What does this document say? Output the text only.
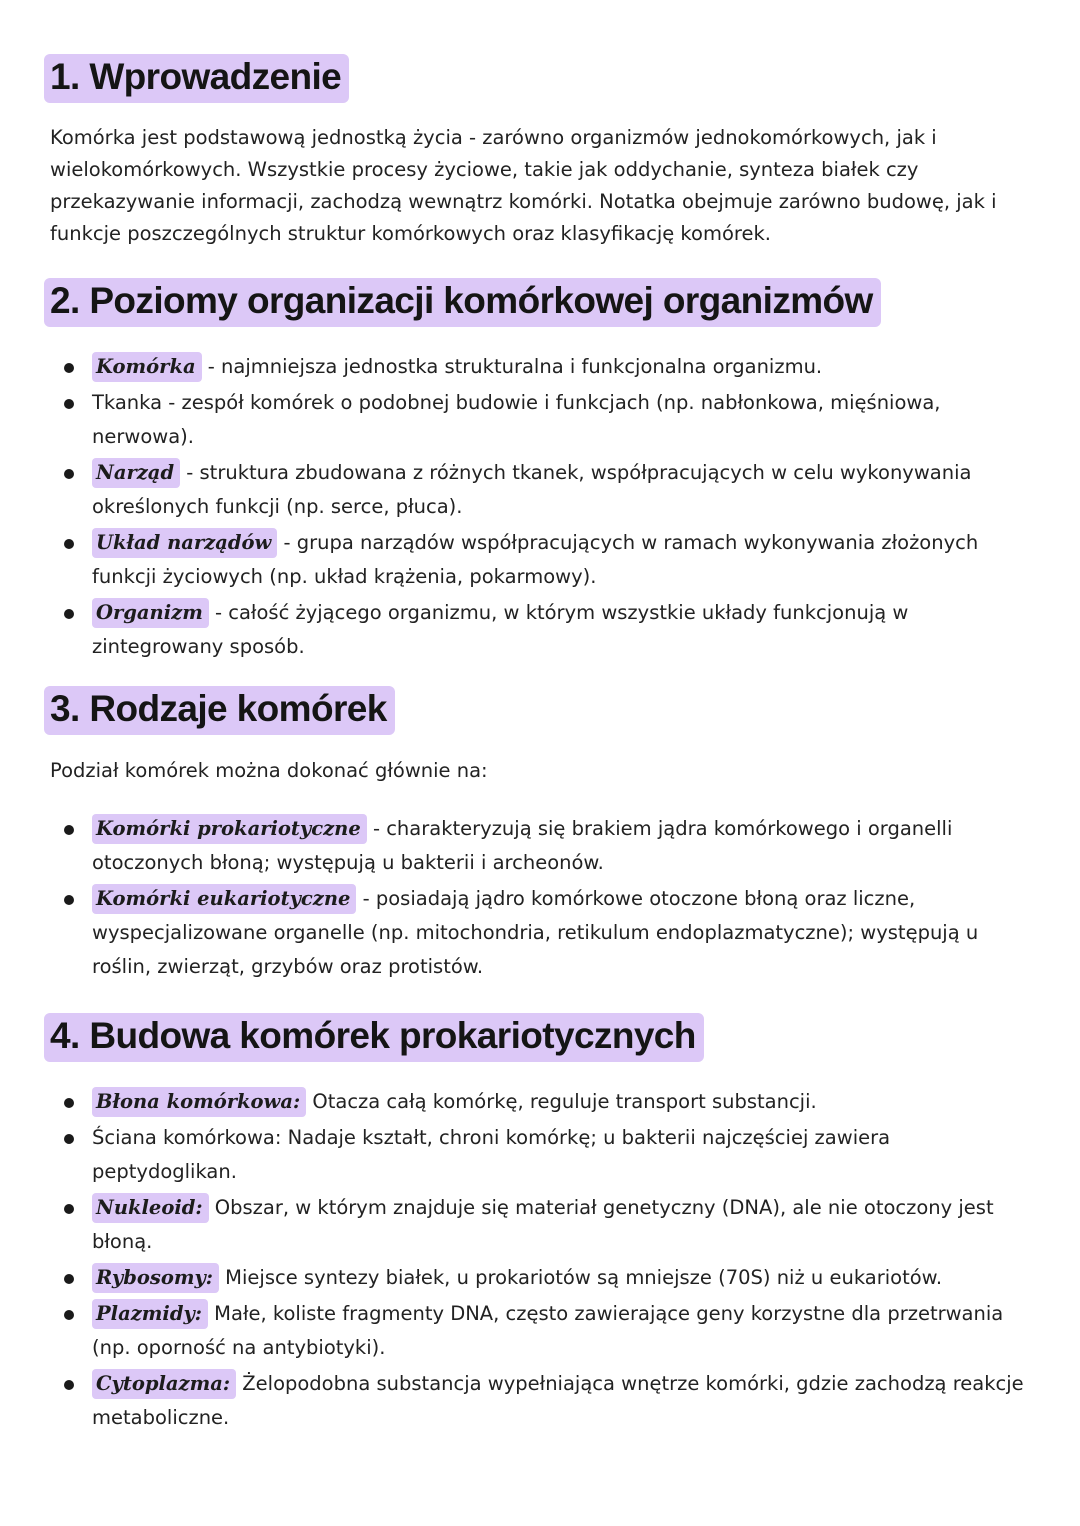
1. Wprowadzenie
Komórka jest podstawową jednostką życia - zarówno organizmów jednokomórkowych, jak i wielokomórkowych. Wszystkie procesy życiowe, takie jak oddychanie, synteza białek czy przekazywanie informacji, zachodzą wewnątrz komórki. Notatka obejmuje zarówno budowę, jak i funkcje poszczególnych struktur komórkowych oraz klasyfikację komórek.
2. Poziomy organizacji komórkowej organizmów
Komórka - najmniejsza jednostka strukturalna i funkcjonalna organizmu.
Tkanka - zespół komórek o podobnej budowie i funkcjach (np. nabłonkowa, mięśniowa, nerwowa).
Narząd - struktura zbudowana z różnych tkanek, współpracujących w celu wykonywania określonych funkcji (np. serce, płuca).
Układ narządów - grupa narządów współpracujących w ramach wykonywania złożonych funkcji życiowych (np. układ krążenia, pokarmowy).
Organizm - całość żyjącego organizmu, w którym wszystkie układy funkcjonują w zintegrowany sposób.
3. Rodzaje komórek
Podział komórek można dokonać głównie na:
Komórki prokariotyczne - charakteryzują się brakiem jądra komórkowego i organelli otoczonych błoną; występują u bakterii i archeonów.
Komórki eukariotyczne - posiadają jądro komórkowe otoczone błoną oraz liczne, wyspecjalizowane organelle (np. mitochondria, retikulum endoplazmatyczne); występują u roślin, zwierząt, grzybów oraz protistów.
4. Budowa komórek prokariotycznych
Błona komórkowa: Otacza całą komórkę, reguluje transport substancji.
Ściana komórkowa: Nadaje kształt, chroni komórkę; u bakterii najczęściej zawiera peptydoglikan.
Nukleoid: Obszar, w którym znajduje się materiał genetyczny (DNA), ale nie otoczony jest błoną.
Rybosomy: Miejsce syntezy białek, u prokariotów są mniejsze (70S) niż u eukariotów.
Plazmidy: Małe, koliste fragmenty DNA, często zawierające geny korzystne dla przetrwania (np. oporność na antybiotyki).
Cytoplazma: Żelopodobna substancja wypełniająca wnętrze komórki, gdzie zachodzą reakcje metaboliczne.
